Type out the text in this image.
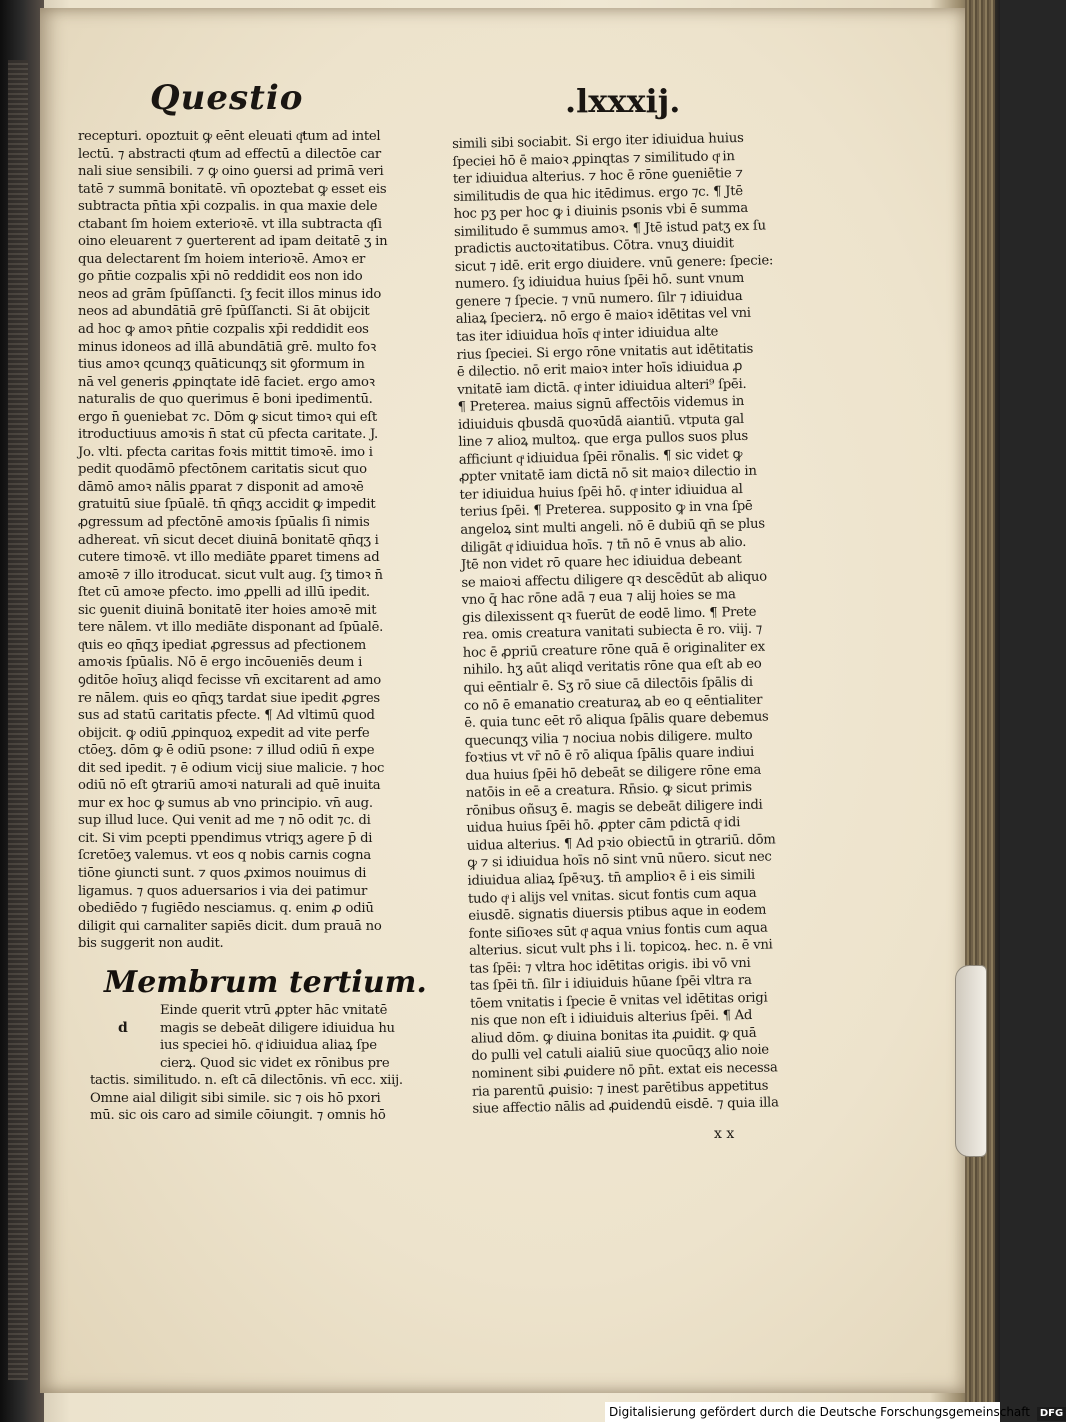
Questio	.lxxxij.
recepturi. opoztuit ꝙ eēnt eleuati qͣtum ad intel
lectū. ⁊ abstracti qͣtum ad effectū a dilectōe car
nali siue sensibili. ⁊ ꝙ oino ꝯuersi ad primā veri
tatē ⁊ summā bonitatē. vn̄ opoztebat ꝙ esset eis
subtracta pn̄tia xp̄i cozpalis. in qua maxie dele
ctabant ſm hoiem exterioꝛē. vt illa subtracta qͣſi
oino eleuarent ⁊ ꝯuerterent ad ipam deitatē ʒ in
qua delectarent ſm hoiem interioꝛē. Amoꝛ er
go pn̄tie cozpalis xp̄i nō reddidit eos non ido
neos ad grām ſpūſſancti. ſʒ fecit illos minus ido
neos ad abundātiā grē ſpūſſancti. Si āt obijcit
ad hoc ꝙ amoꝛ pn̄tie cozpalis xp̄i reddidit eos
minus idoneos ad illā abundātiā grē. multo foꝛ
tius amoꝛ qcunqʒ quāticunqʒ sit ꝯformum in
nā vel generis ꝓpinqtate idē faciet. ergo amoꝛ
naturalis de quo querimus ē boni ipedimentū.
ergo n̄ ꝯueniebat ⁊c. Dōm ꝙ sicut timoꝛ qui eſt
itroductiuus amoꝛis n̄ stat cū pfecta caritate. J.
Jo. vlti. pfecta caritas foꝛis mittit timoꝛē. imo i
pedit quodāmō pfectōnem caritatis sicut quo
dāmō amoꝛ nālis ꝑparat ⁊ disponit ad amoꝛē
gratuitū siue ſpūalē. tn̄ qn̄qʒ accidit ꝙ impedit
ꝓgressum ad pfectōnē amoꝛis ſpūalis ſi nimis
adhereat. vn̄ sicut decet diuinā bonitatē qn̄qʒ i
cutere timoꝛē. vt illo mediāte ꝑparet timens ad
amoꝛē ⁊ illo itroducat. sicut vult aug. ſʒ timoꝛ n̄
ſtet cū amoꝛe pfecto. imo ꝓpelli ad illū ipedit.
sic ꝯuenit diuinā bonitatē iter hoies amoꝛē mit
tere nālem. vt illo mediāte disponant ad ſpūalē.
qͣuis eo qn̄qʒ ipediat ꝓgressus ad pfectionem
amoꝛis ſpūalis. Nō ē ergo incōueniēs deum i
ꝯditōe hoīuʒ aliqd fecisse vn̄ excitarent ad amo
re nālem. qͣuis eo qn̄qʒ tardat siue ipedit ꝓgres
sus ad statū caritatis pfecte. ¶ Ad vltimū quod
obijcit. ꝙ odiū ꝓpinquoꝝ expedit ad vite perfe
ctōeʒ. dōm ꝙ ē odiū psone: ⁊ illud odiū n̄ expe
dit sed ipedit. ⁊ ē odium vicij siue malicie. ⁊ hoc
odiū nō eſt ꝯtrariū amoꝛi naturali ad quē inuita
mur ex hoc ꝙ sumus ab vno principio. vn̄ aug.
sup illud luce. Qui venit ad me ⁊ nō odit ⁊c. di
cit. Si vim pcepti ppendimus vtriqʒ agere p̄ di
ſcretōeʒ valemus. vt eos q nobis carnis cogna
tiōne ꝯiuncti sunt. ⁊ quos ꝓximos nouimus di
ligamus. ⁊ quos aduersarios i via dei patimur
obediēdo ⁊ fugiēdo nesciamus. q. enim ꝓ odiū
diligit qui carnaliter sapiēs dicit. dum prauā no
bis suggerit non audit.
Membrum tertium.
d
Einde querit vtrū ꝓpter hāc vnitatē
magis se debeāt diligere idiuidua hu
ius speciei hō. qͣ idiuidua aliaꝝ ſpe
cierꝝ. Quod sic videt ex rōnibus pre
tactis. similitudo. n. eſt cā dilectōnis. vn̄ ecc. xiij.
Omne aial diligit sibi simile. sic ⁊ ois hō pxori
mū. sic ois caro ad simile cōiungit. ⁊ omnis hō
simili sibi sociabit. Si ergo iter idiuidua huius
ſpeciei hō ē maioꝛ ꝓpinqtas ⁊ similitudo qͣ in
ter idiuidua alterius. ⁊ hoc ē rōne ꝯueniētie ⁊
similitudis de qua hic itēdimus. ergo ⁊c. ¶ Jtē
hoc pʒ per hoc ꝙ i diuinis psonis vbi ē summa
similitudo ē summus amoꝛ. ¶ Jtē istud patʒ ex ſu
pradictis auctoꝛitatibus. Cōtra. vnuʒ diuidit
sicut ⁊ idē. erit ergo diuidere. vnū genere: ſpecie:
numero. ſʒ idiuidua huius ſpēi hō. sunt vnum
genere ⁊ ſpecie. ⁊ vnū numero. ſilr ⁊ idiuidua
aliaꝝ ſpecierꝝ. nō ergo ē maioꝛ idētitas vel vni
tas iter idiuidua hoīs qͣ inter idiuidua alte
rius ſpeciei. Si ergo rōne vnitatis aut idētitatis
ē dilectio. nō erit maioꝛ inter hoīs idiuidua ꝓ
vnitatē iam dictā. qͣ inter idiuidua alteri⁹ ſpēi.
¶ Preterea. maius signū affectōis videmus in
idiuiduis qbusdā quoꝛūdā aiantiū. vtputa gal
line ⁊ alioꝝ multoꝝ. que erga pullos suos plus
afficiunt qͣ idiuidua ſpēi rōnalis. ¶ sic videt ꝙ
ꝓpter vnitatē iam dictā nō sit maioꝛ dilectio in
ter idiuidua huius ſpēi hō. qͣ inter idiuidua al
terius ſpēi. ¶ Preterea. supposito ꝙ in vna ſpē
angeloꝝ sint multi angeli. nō ē dubiū qn̄ se plus
diligāt qͣ idiuidua hoīs. ⁊ tn̄ nō ē vnus ab alio.
Jtē non videt rō quare hec idiuidua debeant
se maioꝛi affectu diligere qꝛ descēdūt ab aliquo
vno q̄ hac rōne adā ⁊ eua ⁊ alij hoies se ma
gis dilexissent qꝛ fuerūt de eodē limo. ¶ Prete
rea. omis creatura vanitati subiecta ē ro. viij. ⁊
hoc ē ꝓpriū creature rōne quā ē originaliter ex
nihilo. hʒ aūt aliqd veritatis rōne qua eſt ab eo
qui eēntialr ē. Sʒ rō siue cā dilectōis ſpālis di
co nō ē emanatio creaturaꝝ ab eo q eēntialiter
ē. quia tunc eēt rō aliqua ſpālis quare debemus
quecunqʒ vilia ⁊ nociua nobis diligere. multo
foꝛtius vt vr̄ nō ē rō aliqua ſpālis quare indiui
dua huius ſpēi hō debeāt se diligere rōne ema
natōis in eē a creatura. Rn̄sio. ꝙ sicut primis
rōnibus oñsuʒ ē. magis se debeāt diligere indi
uidua huius ſpēi hō. ꝓpter cām pdictā qͣ idi
uidua alterius. ¶ Ad pꝛio obiectū in ꝯtrariū. dōm
ꝙ ⁊ si idiuidua hoīs nō sint vnū nūero. sicut nec
idiuidua aliaꝝ ſpēꝛuʒ. tn̄ amplioꝛ ē i eis simili
tudo qͣ i alijs vel vnitas. sicut fontis cum aqua
eiusdē. signatis diuersis ptibus aque in eodem
fonte siſioꝛes sūt qͣ aqua vnius fontis cum aqua
alterius. sicut vult phs i li. topicoꝝ. hec. n. ē vni
tas ſpēi: ⁊ vltra hoc idētitas origis. ibi vō vni
tas ſpēi tn̄. ſilr i idiuiduis hūane ſpēi vltra ra
tōem vnitatis i ſpecie ē vnitas vel idētitas origi
nis que non eſt i idiuiduis alterius ſpēi. ¶ Ad
aliud dōm. ꝙ diuina bonitas ita ꝓuidit. ꝙ quā
do pulli vel catuli aialiū siue quocūqʒ alio noie
nominent sibi ꝓuidere nō pn̄t. extat eis necessa
ria parentū ꝓuisio: ⁊ inest parētibus appetitus
siue affectio nālis ad ꝓuidendū eisdē. ⁊ quia illa
x x
Digitalisierung gefördert durch die Deutsche Forschungsgemeinschaft DFG
